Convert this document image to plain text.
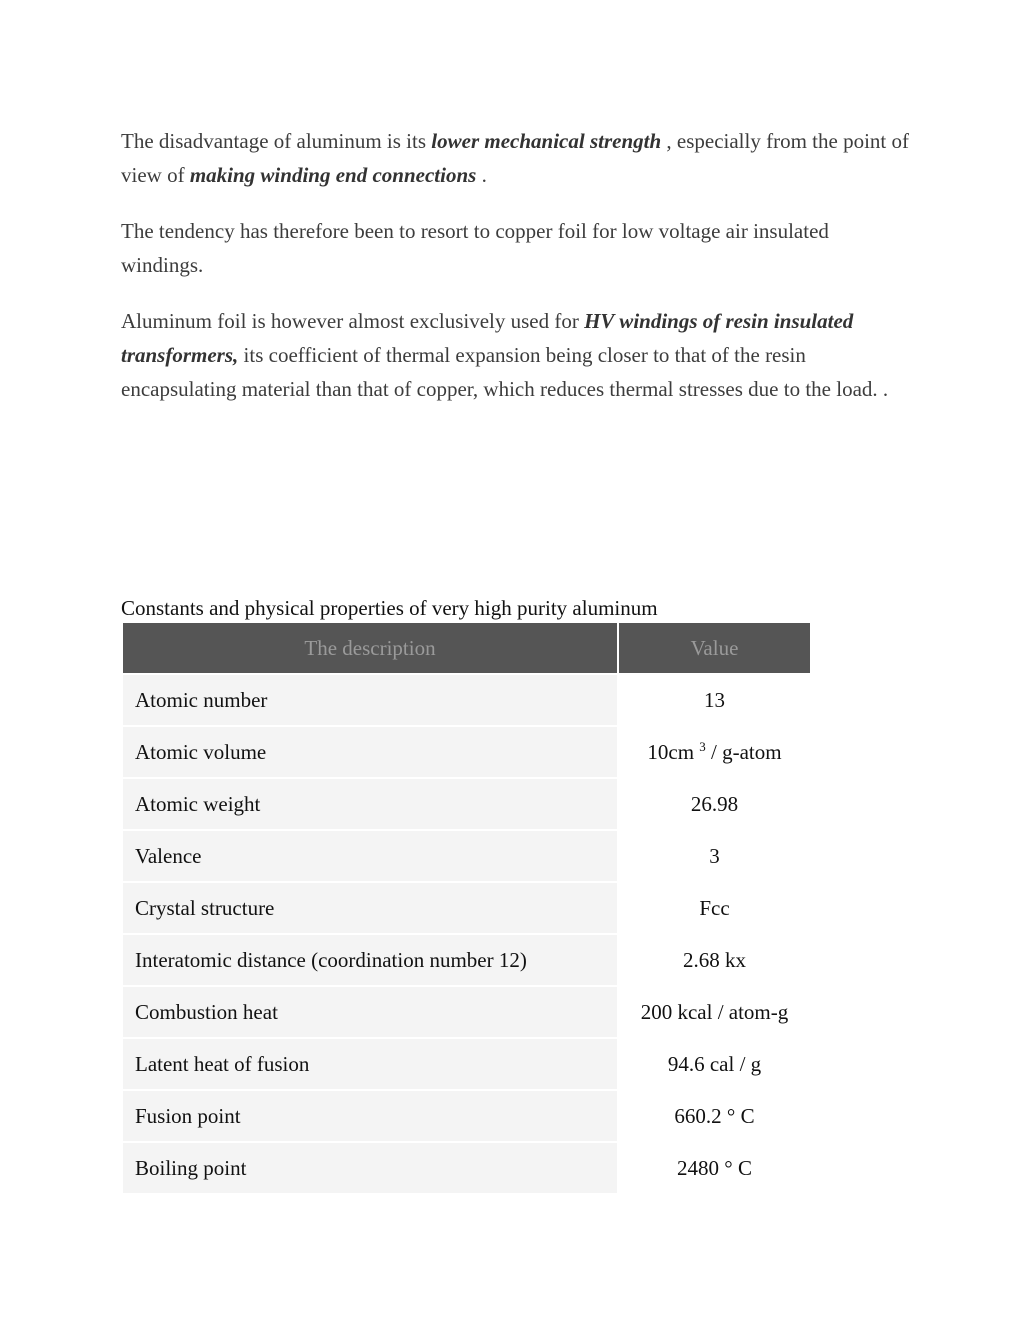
The disadvantage of aluminum is its lower mechanical strength , especially from the point of view of making winding end connections .

The tendency has therefore been to resort to copper foil for low voltage air insulated windings.

Aluminum foil is however almost exclusively used for HV windings of resin insulated transformers, its coefficient of thermal expansion being closer to that of the resin encapsulating material than that of copper, which reduces thermal stresses due to the load. .

Constants and physical properties of very high purity aluminum
The description	Value
Atomic number	13
Atomic volume	10cm $^3$ / g-atom
Atomic weight	26.98
Valence	3
Crystal structure	Fcc
Interatomic distance (coordination number 12)	2.68 kx
Combustion heat	200 kcal / atom-g
Latent heat of fusion	94.6 cal / g
Fusion point	660.2 ° C
Boiling point	2480 ° C
